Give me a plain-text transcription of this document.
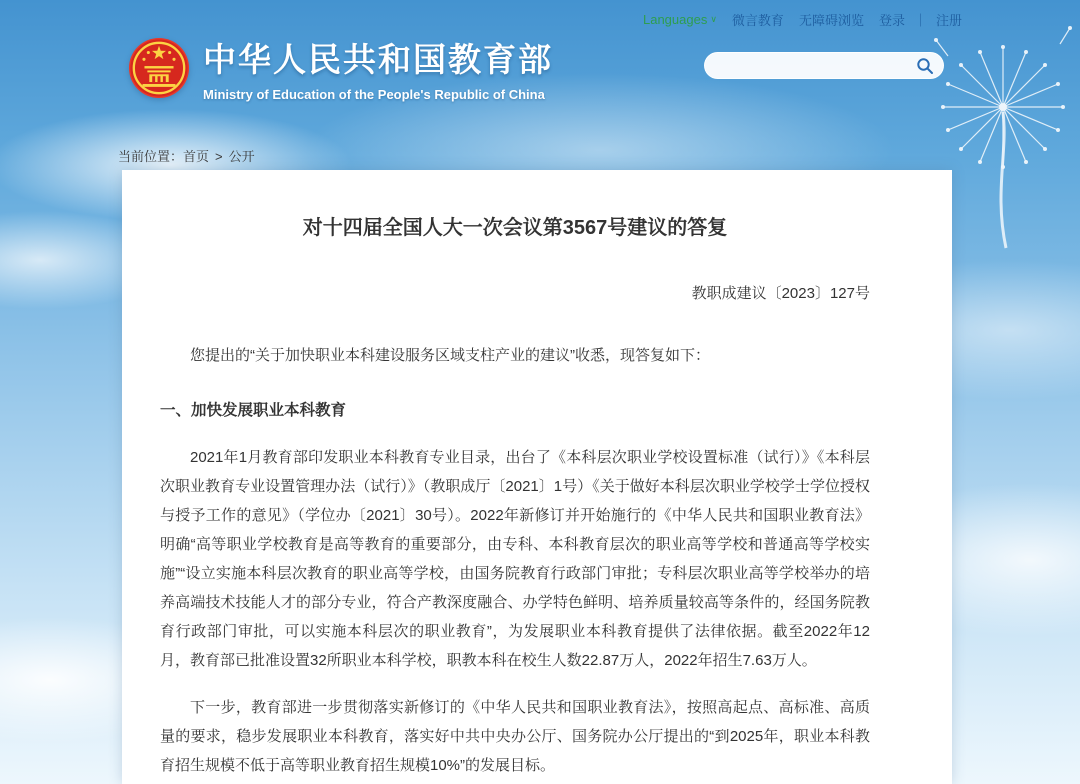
Languages ∨ 微言教育 无障碍浏览 登录 ｜ 注册
中华人民共和国教育部
Ministry of Education of the People's Republic of China
当前位置：首页 > 公开
对十四届全国人大一次会议第3567号建议的答复
教职成建议〔2023〕127号

您提出的“关于加快职业本科建设服务区域支柱产业的建议”收悉，现答复如下：

一、加快发展职业本科教育

2021年1月教育部印发职业本科教育专业目录，出台了《本科层次职业学校设置标准（试行）》《本科层次职业教育专业设置管理办法（试行）》（教职成厅〔2021〕1号）《关于做好本科层次职业学校学士学位授权与授予工作的意见》（学位办〔2021〕30号）。2022年新修订并开始施行的《中华人民共和国职业教育法》明确“高等职业学校教育是高等教育的重要部分，由专科、本科教育层次的职业高等学校和普通高等学校实施”“设立实施本科层次教育的职业高等学校，由国务院教育行政部门审批；专科层次职业高等学校举办的培养高端技术技能人才的部分专业，符合产教深度融合、办学特色鲜明、培养质量较高等条件的，经国务院教育行政部门审批，可以实施本科层次的职业教育”，为发展职业本科教育提供了法律依据。截至2022年12月，教育部已批准设置32所职业本科学校，职教本科在校生人数22.87万人，2022年招生7.63万人。

下一步，教育部进一步贯彻落实新修订的《中华人民共和国职业教育法》，按照高起点、高标准、高质量的要求，稳步发展职业本科教育，落实好中共中央办公厅、国务院办公厅提出的“到2025年，职业本科教育招生规模不低于高等职业教育招生规模10%”的发展目标。
